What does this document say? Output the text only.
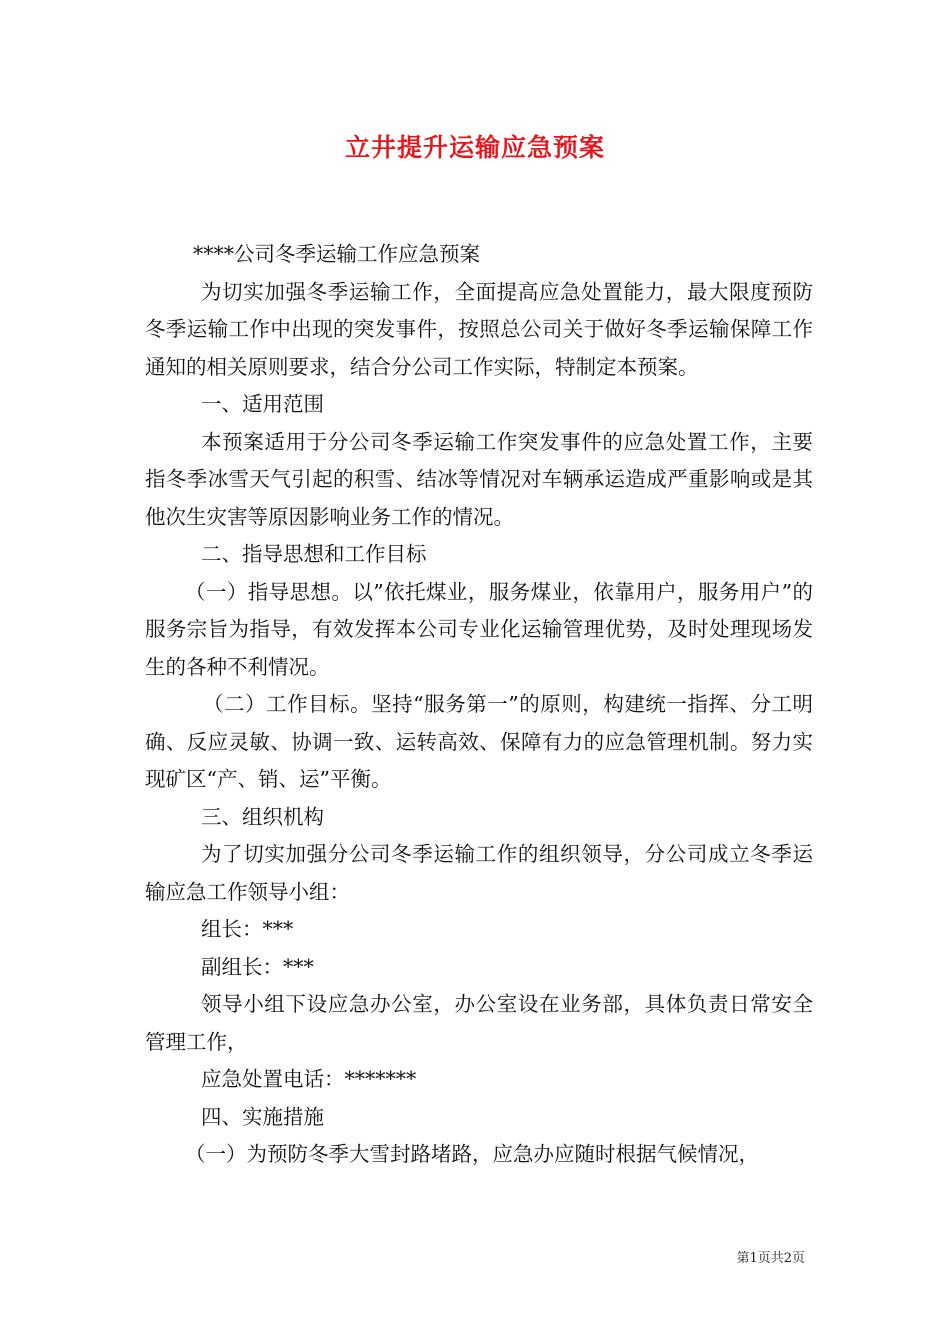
立井提升运输应急预案

****公司冬季运输工作应急预案

为切实加强冬季运输工作，全面提高应急处置能力，最大限度预防冬季运输工作中出现的突发事件，按照总公司关于做好冬季运输保障工作通知的相关原则要求，结合分公司工作实际，特制定本预案。

一、适用范围

本预案适用于分公司冬季运输工作突发事件的应急处置工作，主要指冬季冰雪天气引起的积雪、结冰等情况对车辆承运造成严重影响或是其他次生灾害等原因影响业务工作的情况。

二、指导思想和工作目标

（一）指导思想。以”依托煤业，服务煤业，依靠用户，服务用户”的服务宗旨为指导，有效发挥本公司专业化运输管理优势，及时处理现场发生的各种不利情况。

（二）工作目标。坚持“服务第一”的原则，构建统一指挥、分工明确、反应灵敏、协调一致、运转高效、保障有力的应急管理机制。努力实现矿区“产、销、运”平衡。

三、组织机构

为了切实加强分公司冬季运输工作的组织领导，分公司成立冬季运输应急工作领导小组：

组长：***

副组长：***

领导小组下设应急办公室，办公室设在业务部，具体负责日常安全管理工作，

应急处置电话：*******

四、实施措施

（一）为预防冬季大雪封路堵路，应急办应随时根据气候情况，

第1页共2页
